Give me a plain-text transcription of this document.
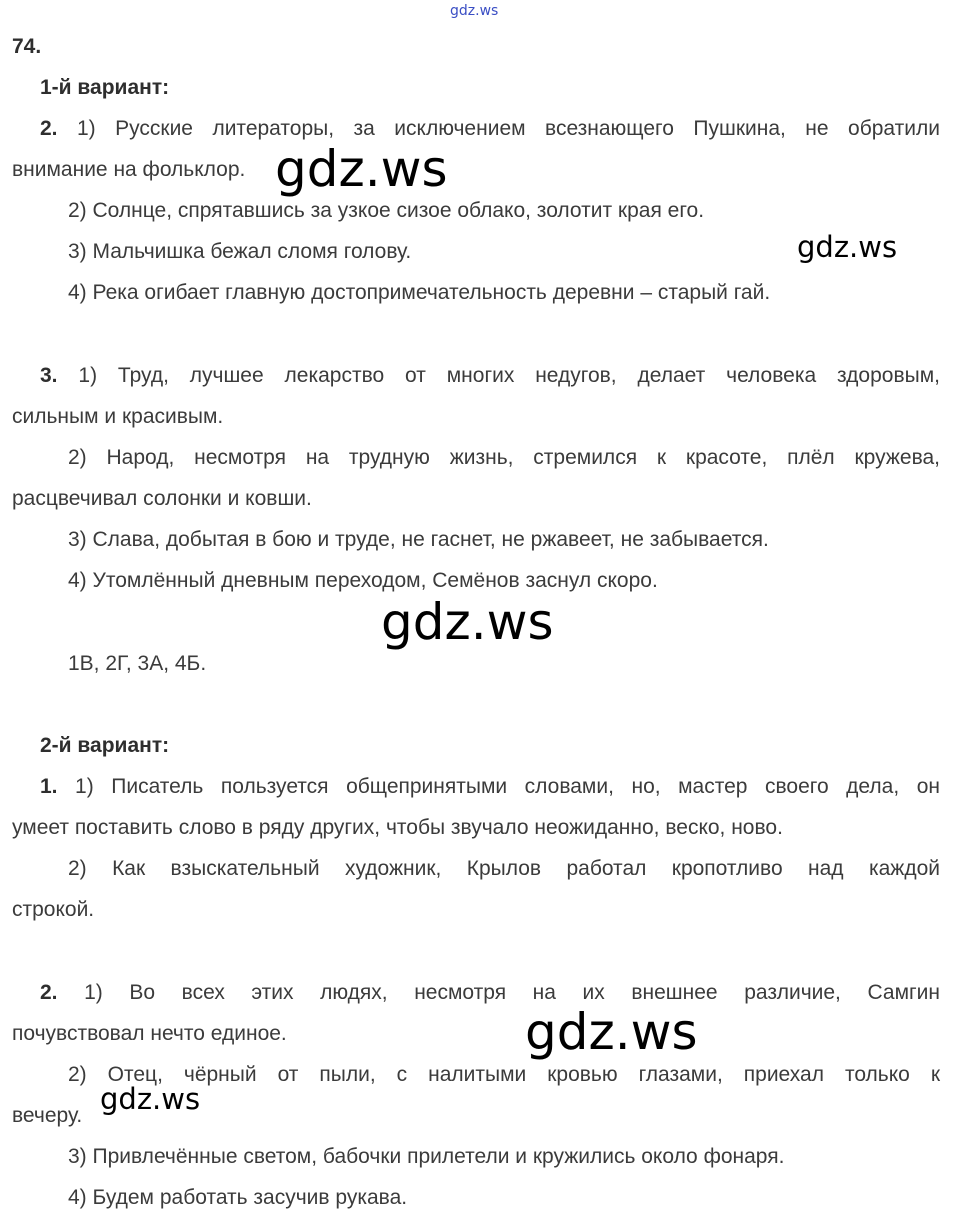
gdz.ws
74.
1-й вариант:
2. 1) Русские литераторы, за исключением всезнающего Пушкина, не обратили
внимание на фольклор.
2) Солнце, спрятавшись за узкое сизое облако, золотит края его.
3) Мальчишка бежал сломя голову.
4) Река огибает главную достопримечательность деревни – старый гай.
3. 1) Труд, лучшее лекарство от многих недугов, делает человека здоровым,
сильным и красивым.
2) Народ, несмотря на трудную жизнь, стремился к красоте, плёл кружева,
расцвечивал солонки и ковши.
3) Слава, добытая в бою и труде, не гаснет, не ржавеет, не забывается.
4) Утомлённый дневным переходом, Семёнов заснул скоро.
1В, 2Г, 3А, 4Б.
2-й вариант:
1. 1) Писатель пользуется общепринятыми словами, но, мастер своего дела, он
умеет поставить слово в ряду других, чтобы звучало неожиданно, веско, ново.
2) Как взыскательный художник, Крылов работал кропотливо над каждой
строкой.
2. 1) Во всех этих людях, несмотря на их внешнее различие, Самгин
почувствовал нечто единое.
2) Отец, чёрный от пыли, с налитыми кровью глазами, приехал только к
вечеру.
3) Привлечённые светом, бабочки прилетели и кружились около фонаря.
4) Будем работать засучив рукава.
gdz.ws
gdz.ws
gdz.ws
gdz.ws
gdz.ws
